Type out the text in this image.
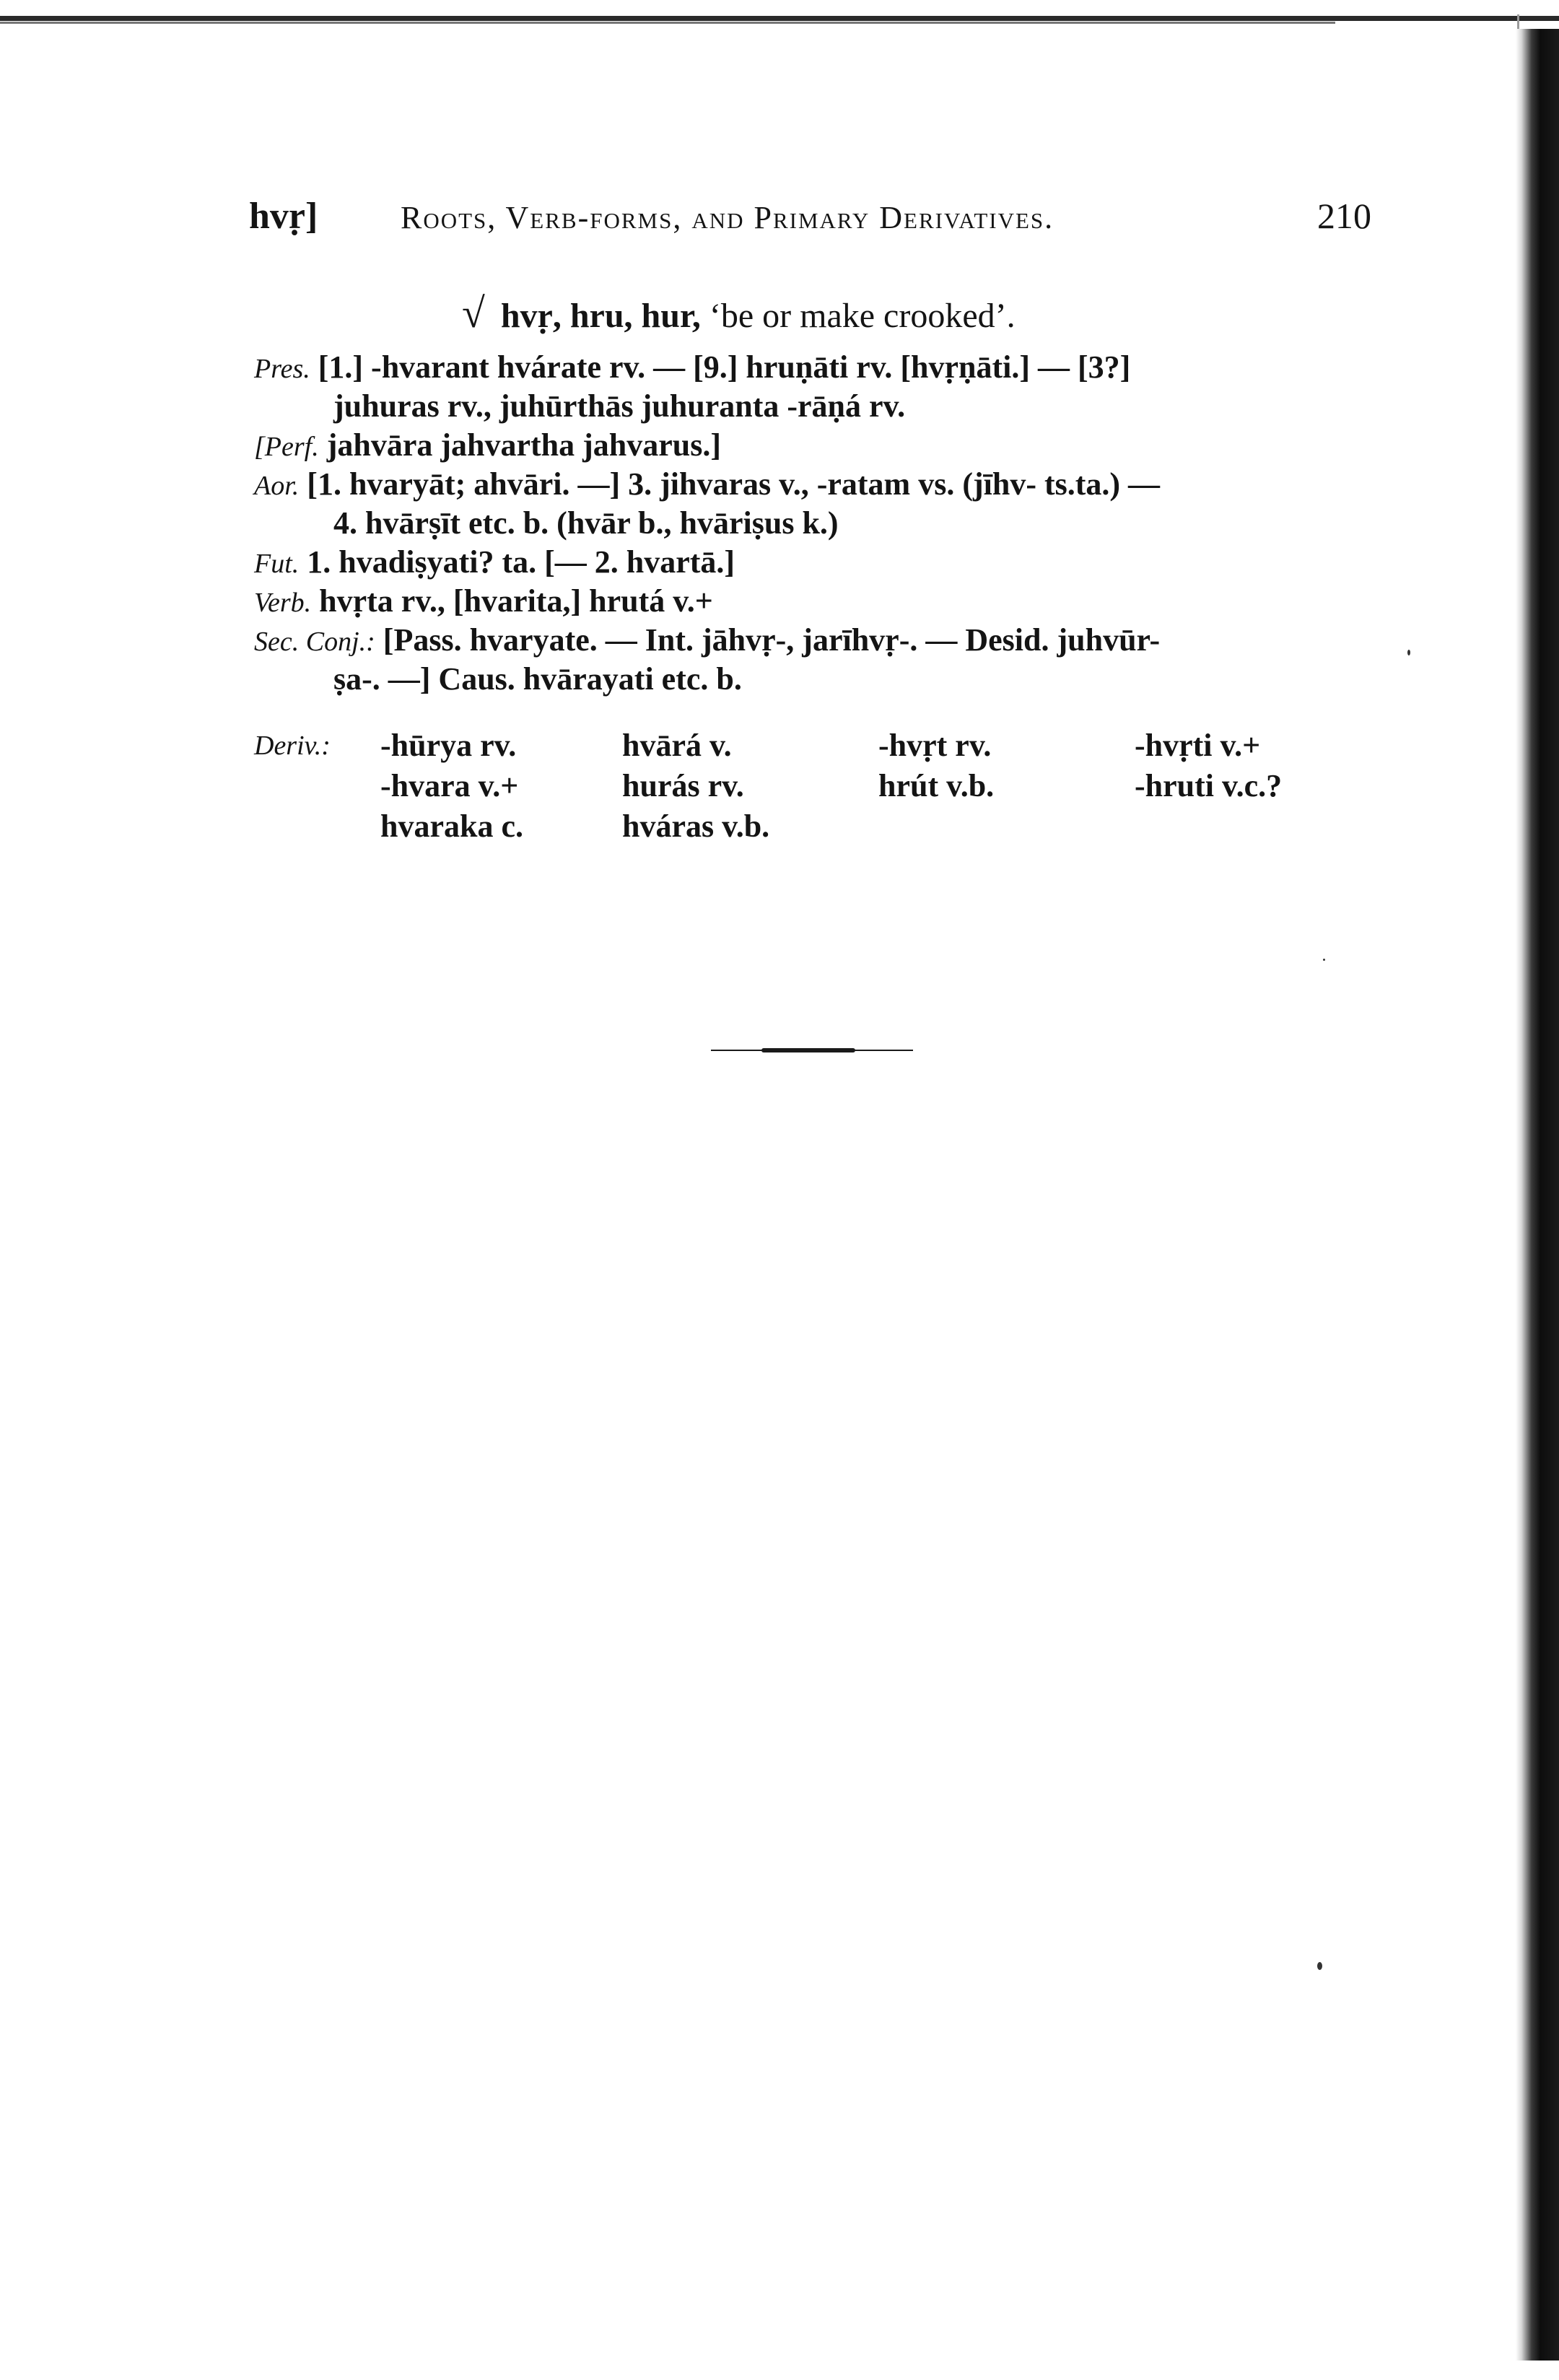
hvṛ]	Roots, Verb-forms, and Primary Derivatives.	210
√ hvṛ, hru, hur, ‘be or make crooked’.
Pres. [1.] -hvarant hvárate rv. — [9.] hruṇāti rv. [hvṛṇāti.] — [3?]
juhuras rv., juhūrthās juhuranta -rāṇá rv.
[Perf. jahvāra jahvartha jahvarus.]
Aor. [1. hvaryāt; ahvāri. —] 3. jihvaras v., -ratam vs. (jīhv- ts.ta.) —
4. hvārṣīt etc. b. (hvār b., hvāriṣus k.)
Fut. 1. hvadiṣyati? ta. [— 2. hvartā.]
Verb. hvṛta rv., [hvarita,] hrutá v.+
Sec. Conj.: [Pass. hvaryate. — Int. jāhvṛ-, jarīhvṛ-. — Desid. juhvūr-
ṣa-. —] Caus. hvārayati etc. b.
Deriv.: -hūrya rv.	hvārá v.	-hvṛt rv.	-hvṛti v.+
-hvara v.+	hurás rv.	hrút v.b.	-hruti v.c.?
hvaraka c.	hváras v.b.
